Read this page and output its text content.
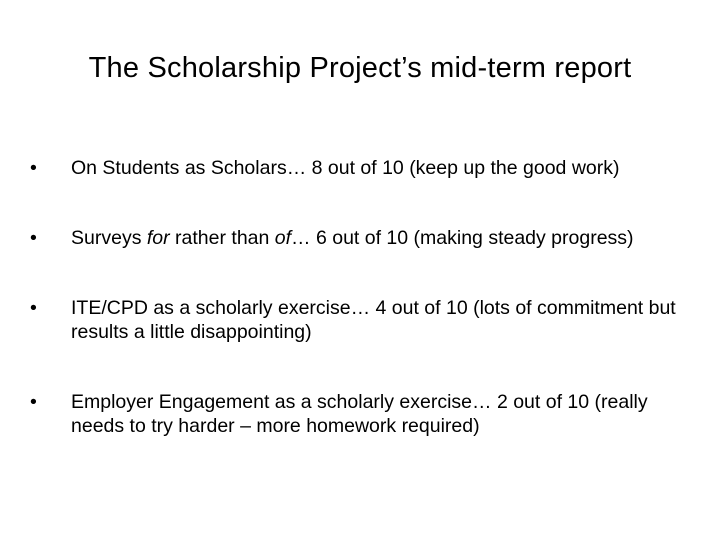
The Scholarship Project’s mid-term report
•	On Students as Scholars… 8 out of 10 (keep up the good work)
•	Surveys for rather than of… 6 out of 10 (making steady progress)
•	ITE/CPD as a scholarly exercise… 4 out of 10 (lots of commitment but results a little disappointing)
•	Employer Engagement as a scholarly exercise… 2 out of 10 (really needs to try harder – more homework required)
